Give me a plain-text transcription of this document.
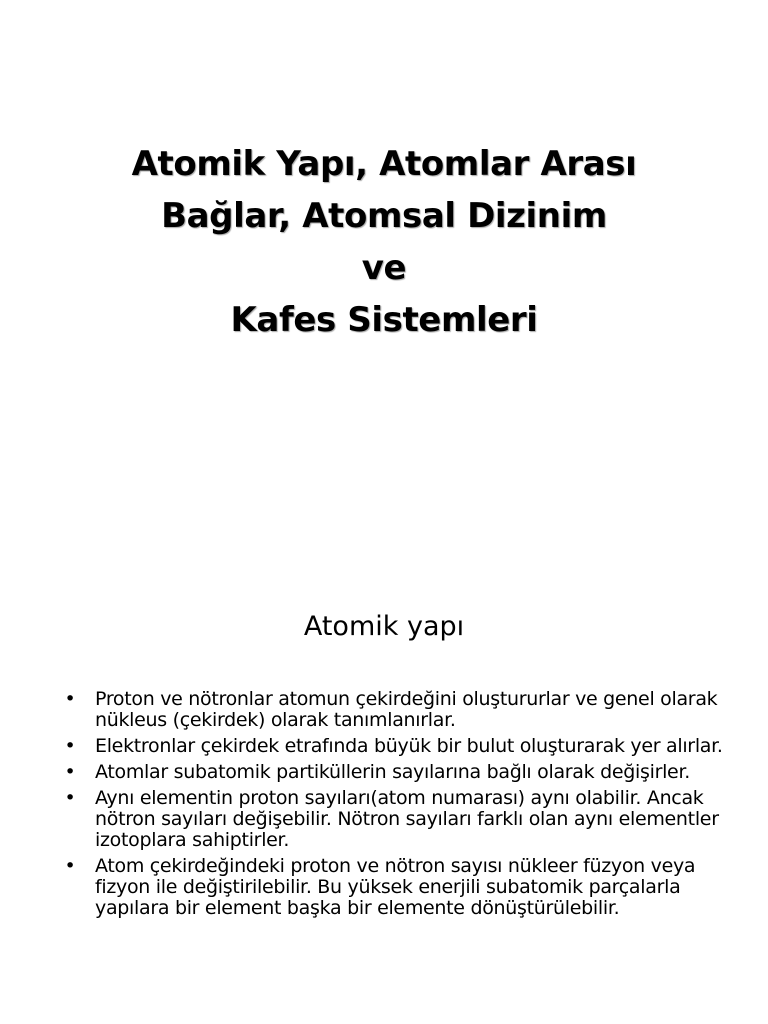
Atomik Yapı, Atomlar Arası
Bağlar, Atomsal Dizinim
ve
Kafes Sistemleri
Atomik yapı
• Proton ve nötronlar atomun çekirdeğini oluştururlar ve genel olarak nükleus (çekirdek) olarak tanımlanırlar.
• Elektronlar çekirdek etrafında büyük bir bulut oluşturarak yer alırlar.
• Atomlar subatomik partiküllerin sayılarına bağlı olarak değişirler.
• Aynı elementin proton sayıları(atom numarası) aynı olabilir. Ancak nötron sayıları değişebilir. Nötron sayıları farklı olan aynı elementler izotoplara sahiptirler.
• Atom çekirdeğindeki proton ve nötron sayısı nükleer füzyon veya fizyon ile değiştirilebilir. Bu yüksek enerjili subatomik parçalarla yapılara bir element başka bir elemente dönüştürülebilir.
